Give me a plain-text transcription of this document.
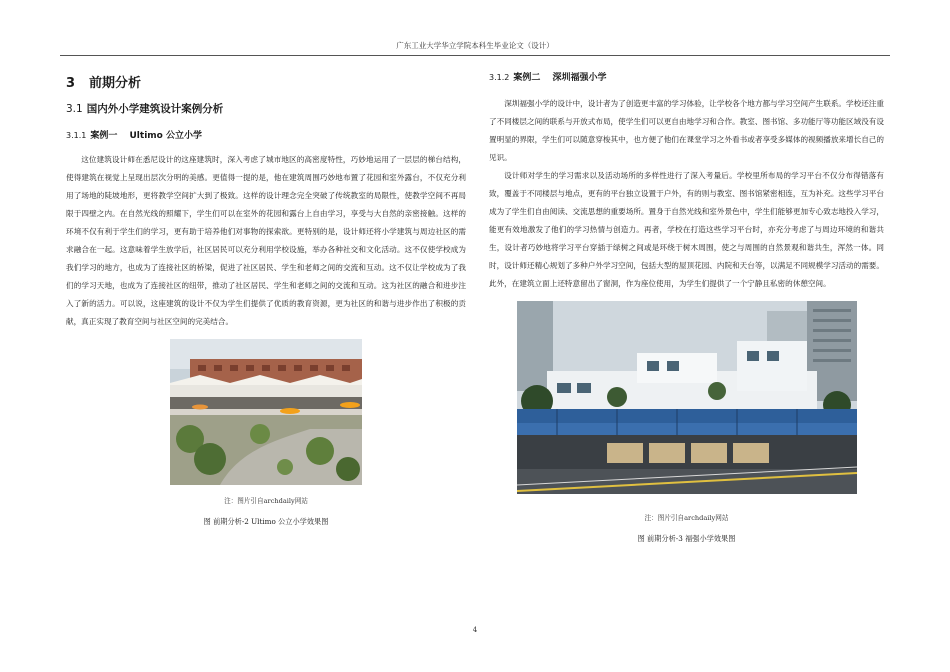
广东工业大学华立学院本科生毕业论文（设计）
3 前期分析
3.1 国内外小学建筑设计案例分析
3.1.1 案例一　 Ultimo 公立小学

这位建筑设计师在悉尼设计的这座建筑时，深入考虑了城市地区的高密度特性，巧妙地运用了一层层的梯台结构，使得建筑在视觉上呈现出层次分明的美感。更值得一提的是，他在建筑周围巧妙地布置了花园和室外露台，不仅充分利用了场地的陡坡地形，更将教学空间扩大到了极致。这样的设计理念完全突破了传统教室的局限性，使教学空间不再局限于四壁之内。在自然光线的照耀下，学生们可以在室外的花园和露台上自由学习，享受与大自然的亲密接触。这样的环境不仅有利于学生们的学习，更有助于培养他们对事物的探索欲。更特别的是，设计师还将小学建筑与周边社区的需求融合在一起。这意味着学生放学后，社区居民可以充分利用学校设施，举办各种社交和文化活动。这不仅使学校成为我们学习的地方，也成为了连接社区的桥梁，促进了社区居民、学生和老师之间的交流和互动。这不仅让学校成为了我们的学习天地，也成为了连接社区的纽带，推动了社区居民、学生和老师之间的交流和互动。这为社区的融合和进步注入了新的活力。可以说，这座建筑的设计不仅为学生们提供了优质的教育资源，更为社区的和谐与进步作出了积极的贡献，真正实现了教育空间与社区空间的完美结合。

注：图片引自archdaily网站
图 前期分析-2 Ultimo 公立小学效果图
3.1.2 案例二　 深圳福强小学

深圳福强小学的设计中，设计者为了创造更丰富的学习体验，让学校各个地方都与学习空间产生联系。学校还注重了不同楼层之间的联系与开放式布局，使学生们可以更自由地学习和合作。教室、图书馆、多功能厅等功能区域没有设置明显的界限，学生们可以随意穿梭其中，也方便了他们在课堂学习之外看书或者享受多媒体的视频播放来增长自己的见识。

设计师对学生的学习需求以及活动场所的多样性进行了深入考量后。学校里所布局的学习平台不仅分布得错落有致，覆盖于不同楼层与地点，更有的平台独立设置于户外，有的则与教室、图书馆紧密相连，互为补充。这些学习平台成为了学生们自由阅读、交流思想的重要场所。置身于自然光线和室外景色中，学生们能够更加专心致志地投入学习，能更有效地激发了他们的学习热情与创造力。再者，学校在打造这些学习平台时，亦充分考虑了与周边环境的和谐共生，设计者巧妙地将学习平台穿插于绿树之间或是环绕于树木周围，使之与周围的自然景观和谐共生，浑然一体。同时，设计师还精心规划了多种户外学习空间，包括大型的屋顶花园、内院和天台等，以满足不同规模学习活动的需要。此外，在建筑立面上还特意留出了窗洞，作为座位使用，为学生们提供了一个宁静且私密的休憩空间。

注：图片引自archdaily网站
图 前期分析-3 福强小学效果图
4
